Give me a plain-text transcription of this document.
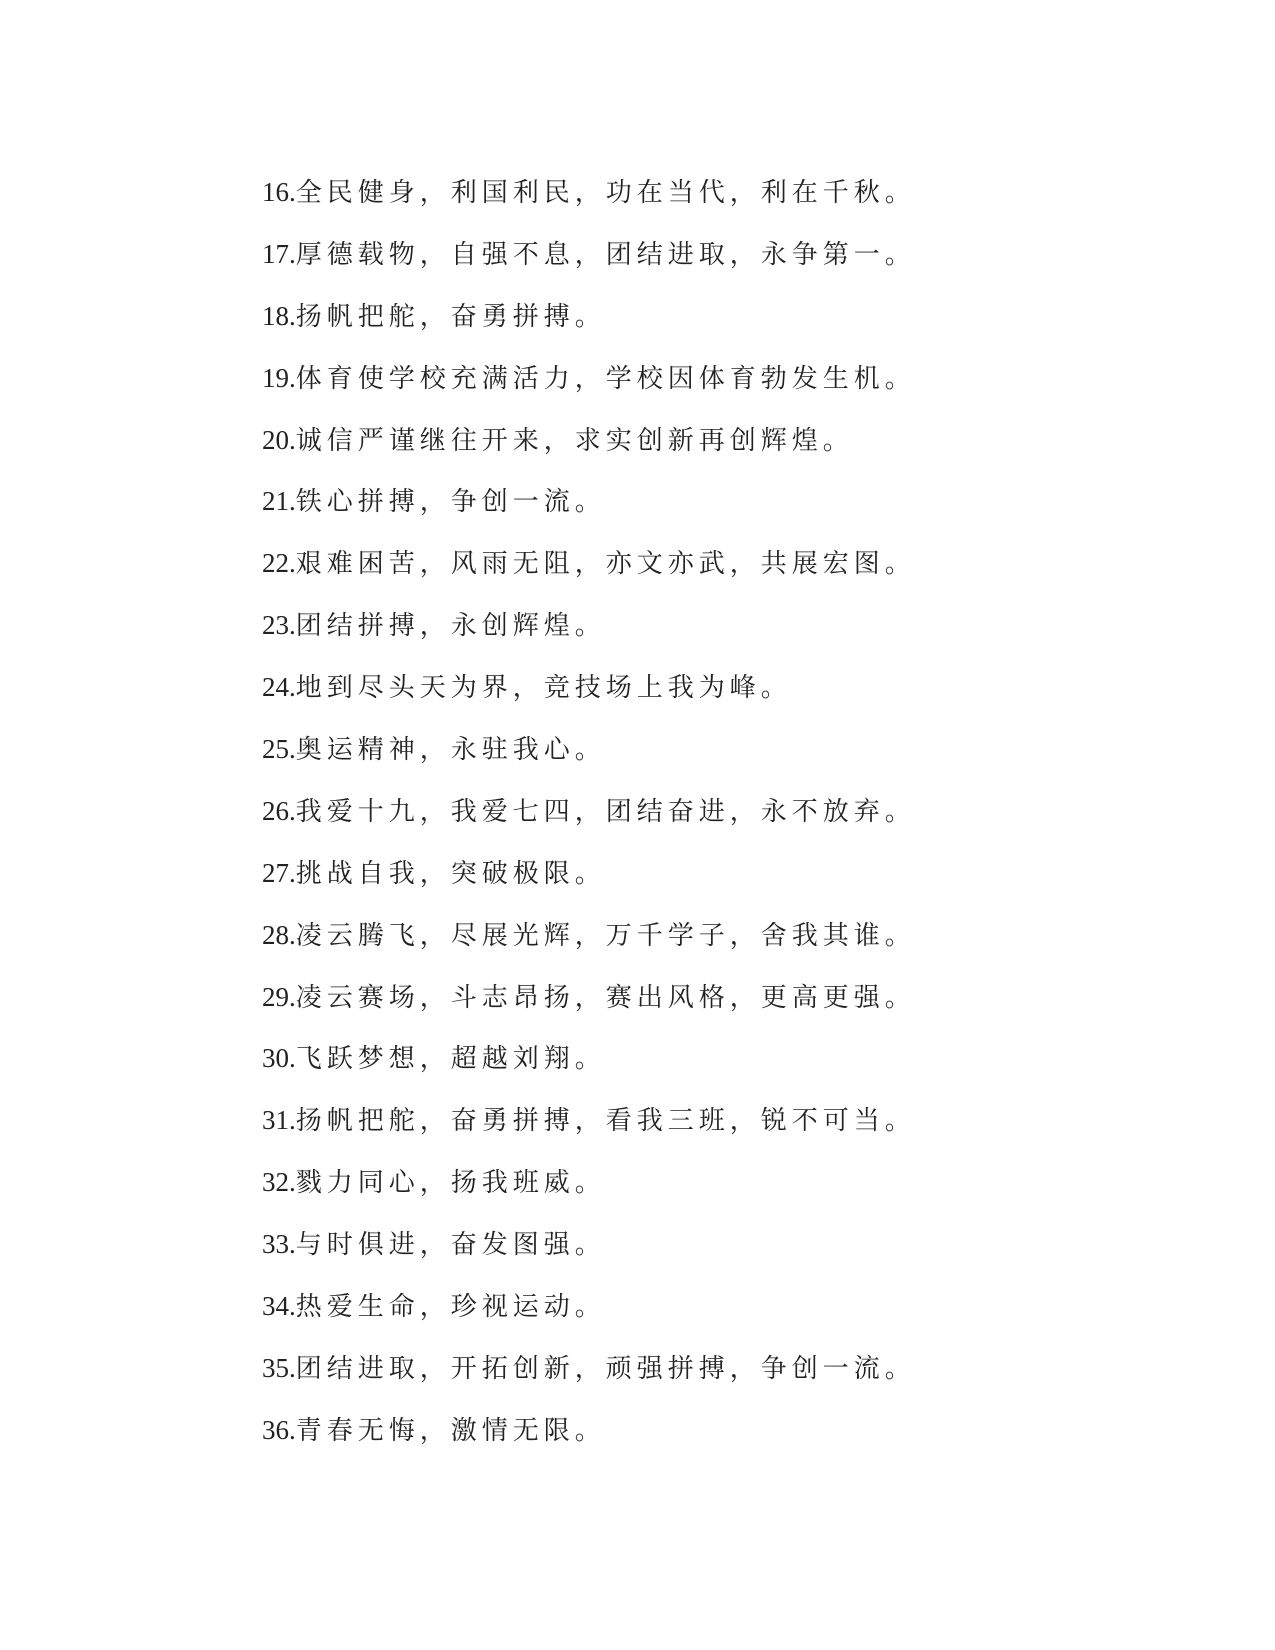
16.全民健身，利国利民，功在当代，利在千秋。
17.厚德载物，自强不息，团结进取，永争第一。
18.扬帆把舵，奋勇拼搏。
19.体育使学校充满活力，学校因体育勃发生机。
20.诚信严谨继往开来，求实创新再创辉煌。
21.铁心拼搏，争创一流。
22.艰难困苦，风雨无阻，亦文亦武，共展宏图。
23.团结拼搏，永创辉煌。
24.地到尽头天为界，竞技场上我为峰。
25.奥运精神，永驻我心。
26.我爱十九，我爱七四，团结奋进，永不放弃。
27.挑战自我，突破极限。
28.凌云腾飞，尽展光辉，万千学子，舍我其谁。
29.凌云赛场，斗志昂扬，赛出风格，更高更强。
30.飞跃梦想，超越刘翔。
31.扬帆把舵，奋勇拼搏，看我三班，锐不可当。
32.戮力同心，扬我班威。
33.与时俱进，奋发图强。
34.热爱生命，珍视运动。
35.团结进取，开拓创新，顽强拼搏，争创一流。
36.青春无悔，激情无限。
